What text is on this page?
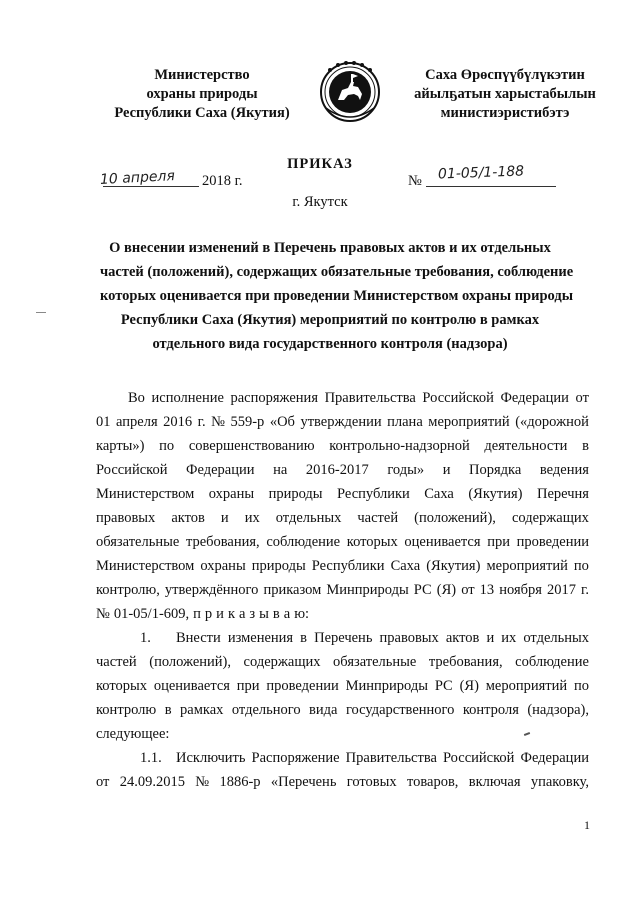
Министерство
охраны природы
Республики Саха (Якутия)
Саха Өрөспүүбүлүкэтин
айылҕатын харыстабылын
министиэристибэтэ
ПРИКАЗ
10 апреля 2018 г.	№ 01-05/1-188
г. Якутск
О внесении изменений в Перечень правовых актов и их отдельных
частей (положений), содержащих обязательные требования, соблюдение
которых оценивается при проведении Министерством охраны природы
Республики Саха (Якутия) мероприятий по контролю в рамках
отдельного вида государственного контроля (надзора)
Во исполнение распоряжения Правительства Российской Федерации от
01 апреля 2016 г. № 559-р «Об утверждении плана мероприятий («дорожной
карты») по совершенствованию контрольно-надзорной деятельности в
Российской Федерации на 2016-2017 годы» и Порядка ведения
Министерством охраны природы Республики Саха (Якутия) Перечня
правовых актов и их отдельных частей (положений), содержащих
обязательные требования, соблюдение которых оценивается при проведении
Министерством охраны природы Республики Саха (Якутия) мероприятий по
контролю, утверждённого приказом Минприроды РС (Я) от 13 ноября 2017 г.
№ 01-05/1-609, п р и к а з ы в а ю:
1.	Внести изменения в Перечень правовых актов и их отдельных
частей (положений), содержащих обязательные требования, соблюдение
которых оценивается при проведении Минприроды РС (Я) мероприятий по
контролю в рамках отдельного вида государственного контроля (надзора),
следующее:
1.1. Исключить Распоряжение Правительства Российской Федерации
от 24.09.2015 № 1886-р «Перечень готовых товаров, включая упаковку,
1
